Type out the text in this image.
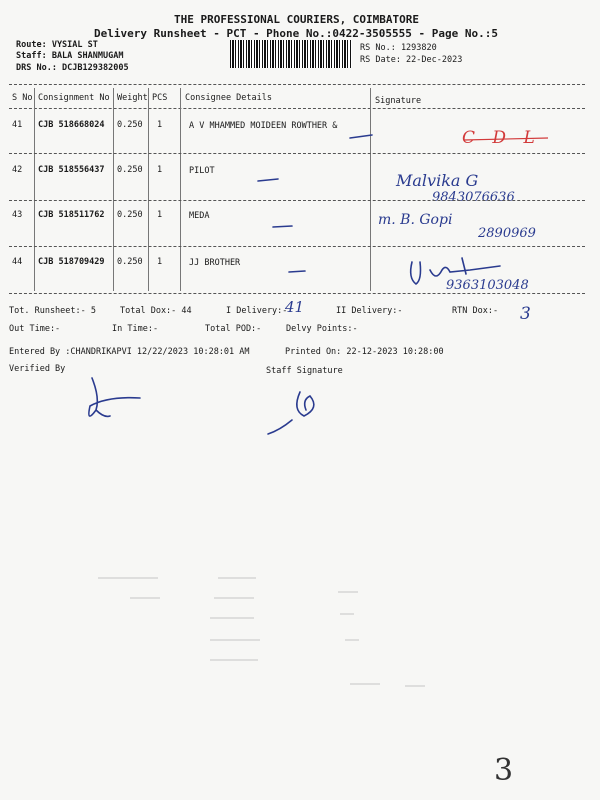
THE PROFESSIONAL COURIERS, COIMBATORE
Delivery Runsheet - PCT - Phone No.:0422-3505555 - Page No.:5
Route: VYSIAL ST
Staff: BALA SHANMUGAM
DRS No.: DCJB129382005
RS No.: 1293820
RS Date: 22-Dec-2023
S No Consignment No Weight PCS Consignee Details	Signature
41 CJB 518668024 0.250 1	A V MHAMMED MOIDEEN ROWTHER &
C D L
42 CJB 518556437 0.250 1	PILOT	Malvika G
9843076636
43 CJB 518511762 0.250 1	MEDA	m. B. Gopi
2890969
44 CJB 518709429 0.250 1	JJ BROTHER
9363103048
Tot. Runsheet:- 5	Total Dox:- 44	I Delivery:-
41	II Delivery:-	RTN Dox:- 3
Out Time:-	In Time:-	Total POD:-	Delvy Points:-
Entered By :CHANDRIKAPVI 12/22/2023 10:28:01 AM	Printed On: 22-12-2023 10:28:00
Verified By	Staff Signature
3
